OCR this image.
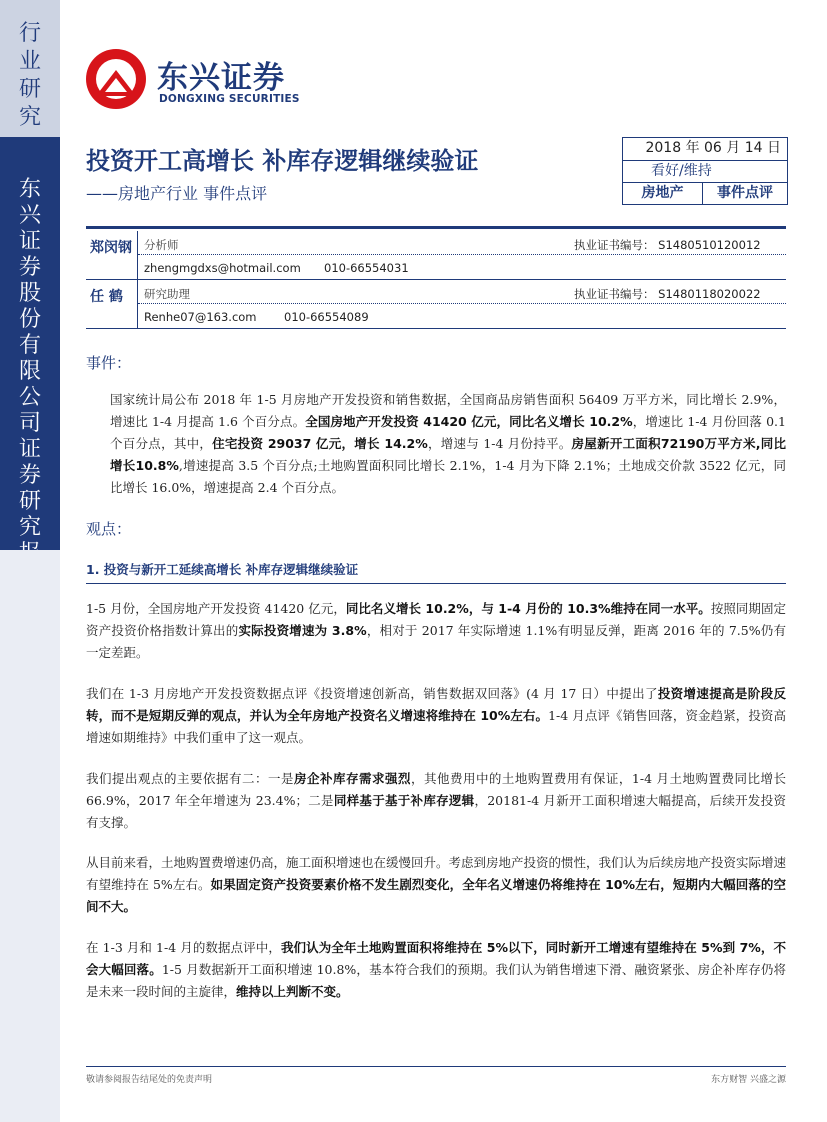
行业研究
东兴证券股份有限公司证券研究
东兴证券
DONGXING SECURITIES
投资开工高增长 补库存逻辑继续验证
——房地产行业 事件点评
2018 年 06 月 14 日
看好/维持
房地产	事件点评
郑闵钢	分析师	执业证书编号： S1480510120012
zhengmgdxs@hotmail.com 010-66554031
任 鹤	研究助理	执业证书编号： S1480118020022
Renhe07@163.com 010-66554089
事件：
国家统计局公布 2018 年 1-5 月房地产开发投资和销售数据，全国商品房销售面积 56409 万平方米，同比增长 2.9%，增速比 1-4 月提高 1.6 个百分点。全国房地产开发投资 41420 亿元，同比名义增长 10.2%，增速比 1-4 月份回落 0.1 个百分点，其中，住宅投资 29037 亿元，增长 14.2%，增速与 1-4 月份持平。房屋新开工面积72190万平方米,同比增长10.8%,增速提高 3.5 个百分点;土地购置面积同比增长 2.1%，1-4 月为下降 2.1%；土地成交价款 3522 亿元，同比增长 16.0%，增速提高 2.4 个百分点。
观点：
1. 投资与新开工延续高增长 补库存逻辑继续验证
1-5 月份，全国房地产开发投资 41420 亿元，同比名义增长 10.2%，与 1-4 月份的 10.3%维持在同一水平。按照同期固定资产投资价格指数计算出的实际投资增速为 3.8%，相对于 2017 年实际增速 1.1%有明显反弹，距离 2016 年的 7.5%仍有一定差距。
我们在 1-3 月房地产开发投资数据点评《投资增速创新高，销售数据双回落》(4 月 17 日）中提出了投资增速提高是阶段反转，而不是短期反弹的观点，并认为全年房地产投资名义增速将维持在 10%左右。1-4 月点评《销售回落，资金趋紧，投资高增速如期维持》中我们重申了这一观点。
我们提出观点的主要依据有二：一是房企补库存需求强烈，其他费用中的土地购置费用有保证，1-4 月土地购置费同比增长 66.9%，2017 年全年增速为 23.4%；二是同样基于基于补库存逻辑，20181-4 月新开工面积增速大幅提高，后续开发投资有支撑。
从目前来看，土地购置费增速仍高，施工面积增速也在缓慢回升。考虑到房地产投资的惯性，我们认为后续房地产投资实际增速有望维持在 5%左右。如果固定资产投资要素价格不发生剧烈变化，全年名义增速仍将维持在 10%左右，短期内大幅回落的空间不大。
在 1-3 月和 1-4 月的数据点评中，我们认为全年土地购置面积将维持在 5%以下，同时新开工增速有望维持在 5%到 7%，不会大幅回落。1-5 月数据新开工面积增速 10.8%，基本符合我们的预期。我们认为销售增速下滑、融资紧张、房企补库存仍将是未来一段时间的主旋律，维持以上判断不变。
敬请参阅报告结尾处的免责声明	东方财智 兴盛之源
